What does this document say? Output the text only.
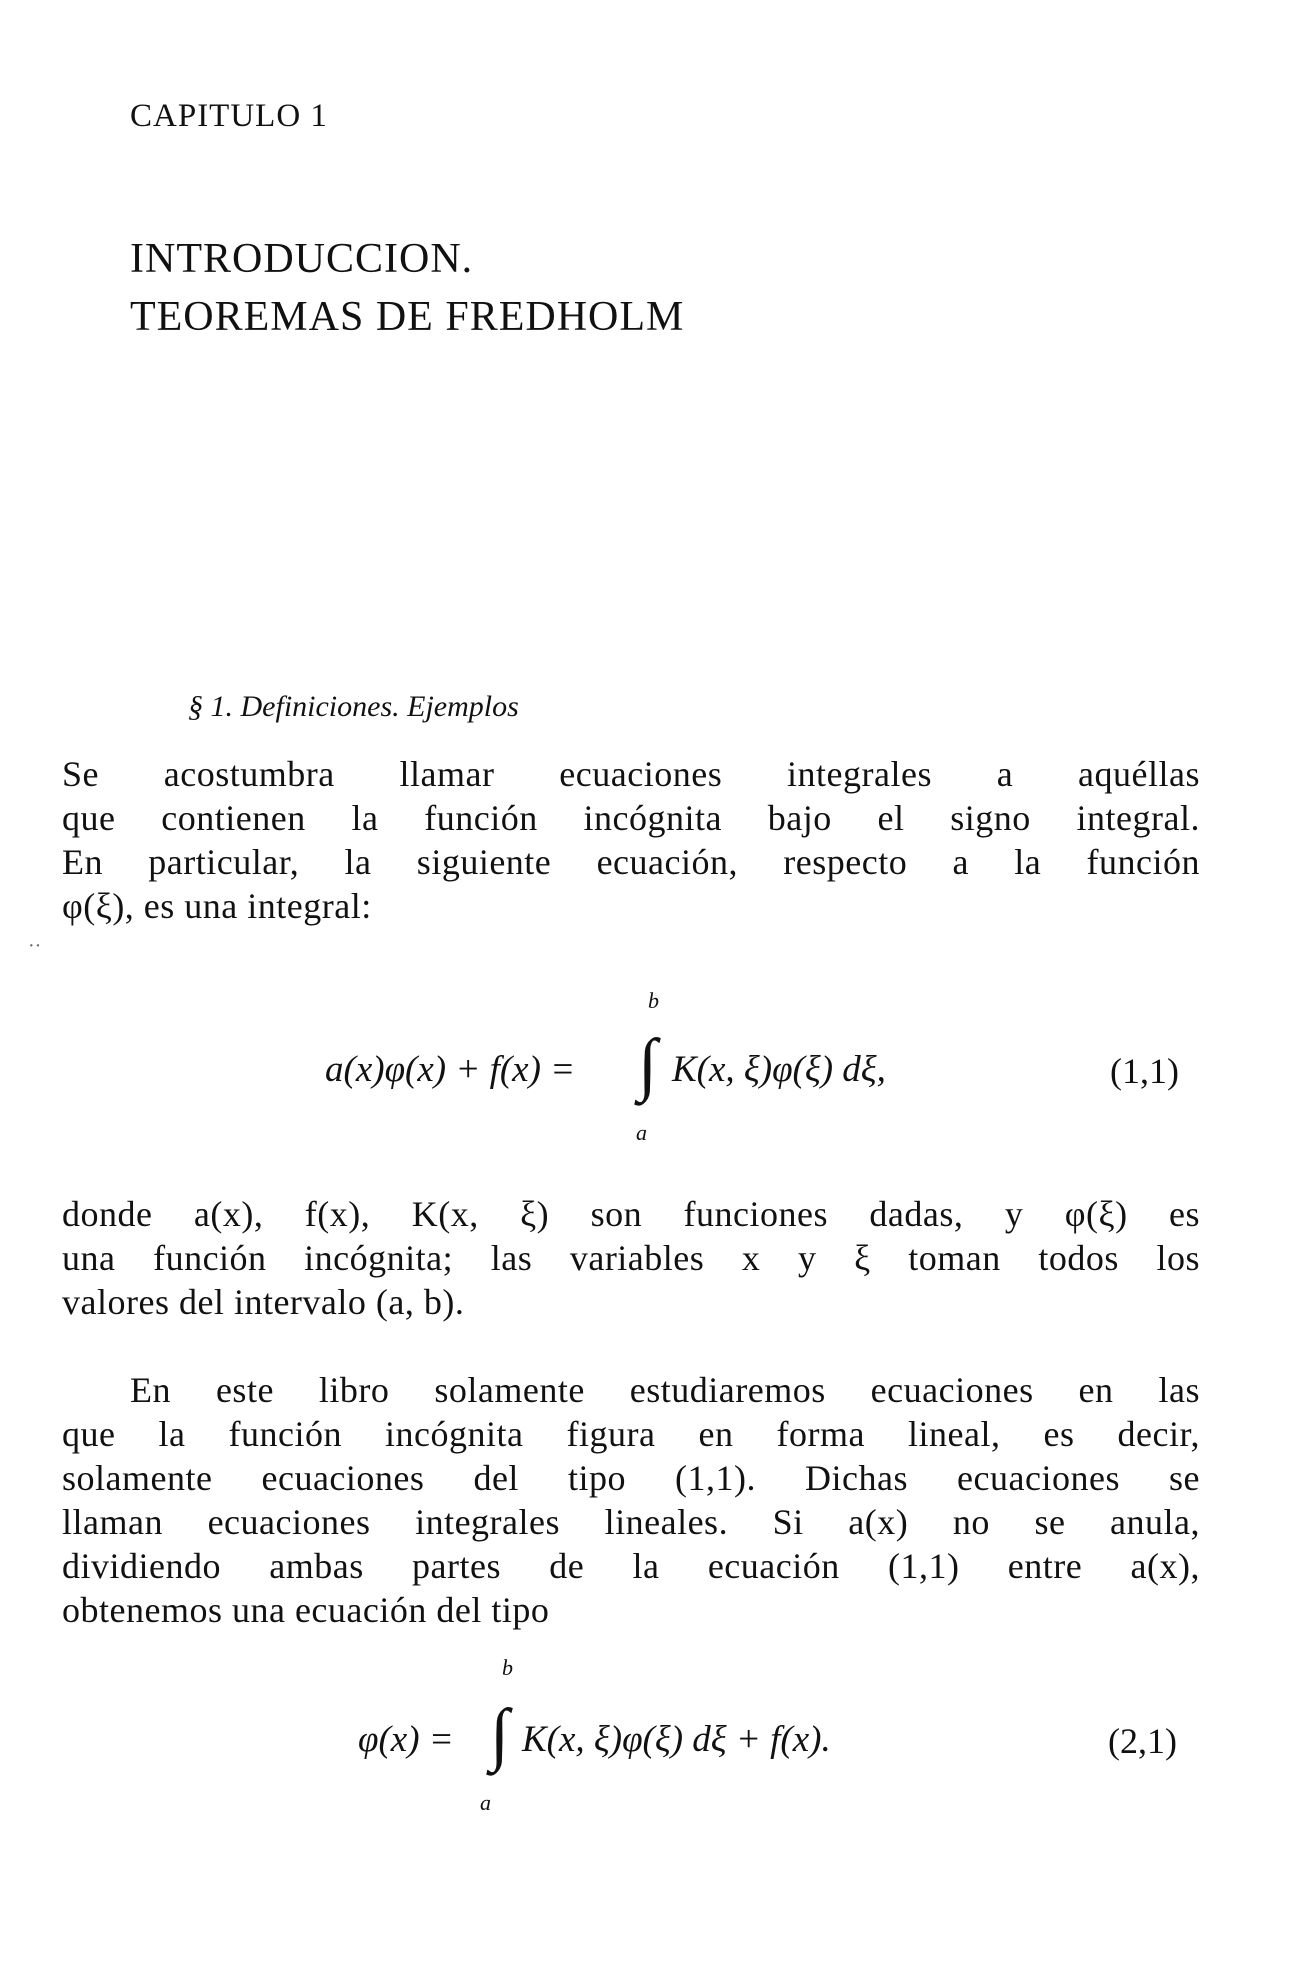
CAPITULO 1
INTRODUCCION.
TEOREMAS DE FREDHOLM
§ 1. Definiciones. Ejemplos
Se acostumbra llamar ecuaciones integrales a aquéllas
que contienen la función incógnita bajo el signo integral.
En particular, la siguiente ecuación, respecto a la función
φ(ξ), es una integral:
··
b
a(x)φ(x) + f(x) = ∫ K(x, ξ)φ(ξ) dξ,
a
(1,1)
donde a(x), f(x), K(x, ξ) son funciones dadas, y φ(ξ) es
una función incógnita; las variables x y ξ toman todos los
valores del intervalo (a, b).
En este libro solamente estudiaremos ecuaciones en las
que la función incógnita figura en forma lineal, es decir,
solamente ecuaciones del tipo (1,1). Dichas ecuaciones se
llaman ecuaciones integrales lineales. Si a(x) no se anula,
dividiendo ambas partes de la ecuación (1,1) entre a(x),
obtenemos una ecuación del tipo
b
φ(x) = ∫ K(x, ξ)φ(ξ) dξ + f(x).
a
(2,1)
